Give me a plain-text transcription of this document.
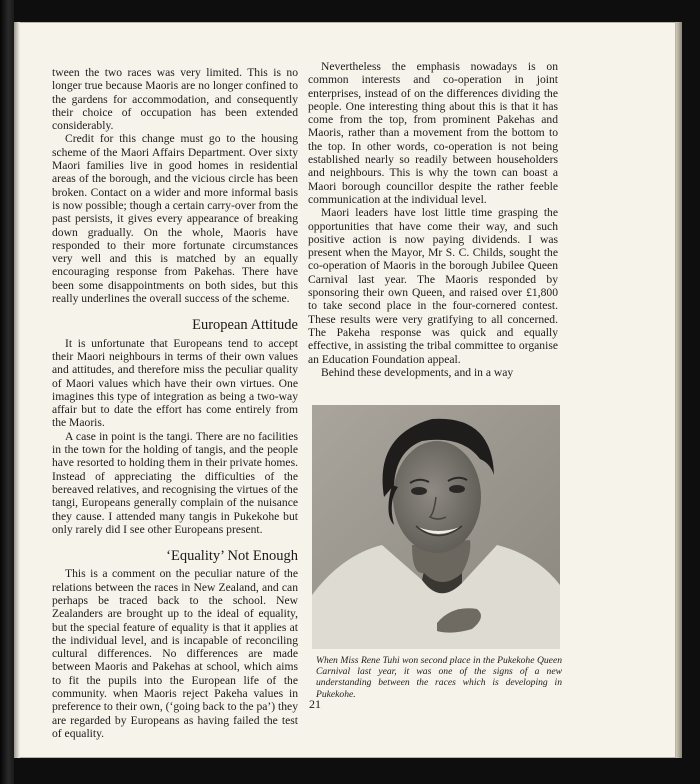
tween the two races was very limited. This is no longer true because Maoris are no longer confined to the gardens for accommodation, and consequently their choice of occupation has been extended considerably.

Credit for this change must go to the housing scheme of the Maori Affairs Department. Over sixty Maori families live in good homes in residential areas of the borough, and the vicious circle has been broken. Contact on a wider and more informal basis is now possible; though a certain carry-over from the past persists, it gives every appearance of breaking down gradually. On the whole, Maoris have responded to their more fortunate circumstances very well and this is matched by an equally encouraging response from Pakehas. There have been some disappointments on both sides, but this really underlines the overall success of the scheme.

European Attitude

It is unfortunate that Europeans tend to accept their Maori neighbours in terms of their own values and attitudes, and therefore miss the peculiar quality of Maori values which have their own virtues. One imagines this type of integration as being a two-way affair but to date the effort has come entirely from the Maoris.

A case in point is the tangi. There are no facilities in the town for the holding of tangis, and the people have resorted to holding them in their private homes. Instead of appreciating the difficulties of the bereaved relatives, and recognising the virtues of the tangi, Europeans generally complain of the nuisance they cause. I attended many tangis in Pukekohe but only rarely did I see other Europeans present.

‘Equality’ Not Enough

This is a comment on the peculiar nature of the relations between the races in New Zealand, and can perhaps be traced back to the school. New Zealanders are brought up to the ideal of equality, but the special feature of equality is that it applies at the individual level, and is incapable of reconciling cultural differences. No differences are made between Maoris and Pakehas at school, which aims to fit the pupils into the European life of the community. when Maoris reject Pakeha values in preference to their own, (‘going back to the pa’) they are regarded by Europeans as having failed the test of equality.

Nevertheless the emphasis nowadays is on common interests and co-operation in joint enterprises, instead of on the differences dividing the people. One interesting thing about this is that it has come from the top, from prominent Pakehas and Maoris, rather than a movement from the bottom to the top. In other words, co-operation is not being established nearly so readily between householders and neighbours. This is why the town can boast a Maori borough councillor despite the rather feeble communication at the individual level.

Maori leaders have lost little time grasping the opportunities that have come their way, and such positive action is now paying dividends. I was present when the Mayor, Mr S. C. Childs, sought the co-operation of Maoris in the borough Jubilee Queen Carnival last year. The Maoris responded by sponsoring their own Queen, and raised over £1,800 to take second place in the four-cornered contest. These results were very gratifying to all concerned. The Pakeha response was quick and equally effective, in assisting the tribal committee to organise an Education Foundation appeal.

Behind these developments, and in a way

When Miss Rene Tuhi won second place in the Pukekohe Queen Carnival last year, it was one of the signs of a new understanding between the races which is developing in Pukekohe.
21
